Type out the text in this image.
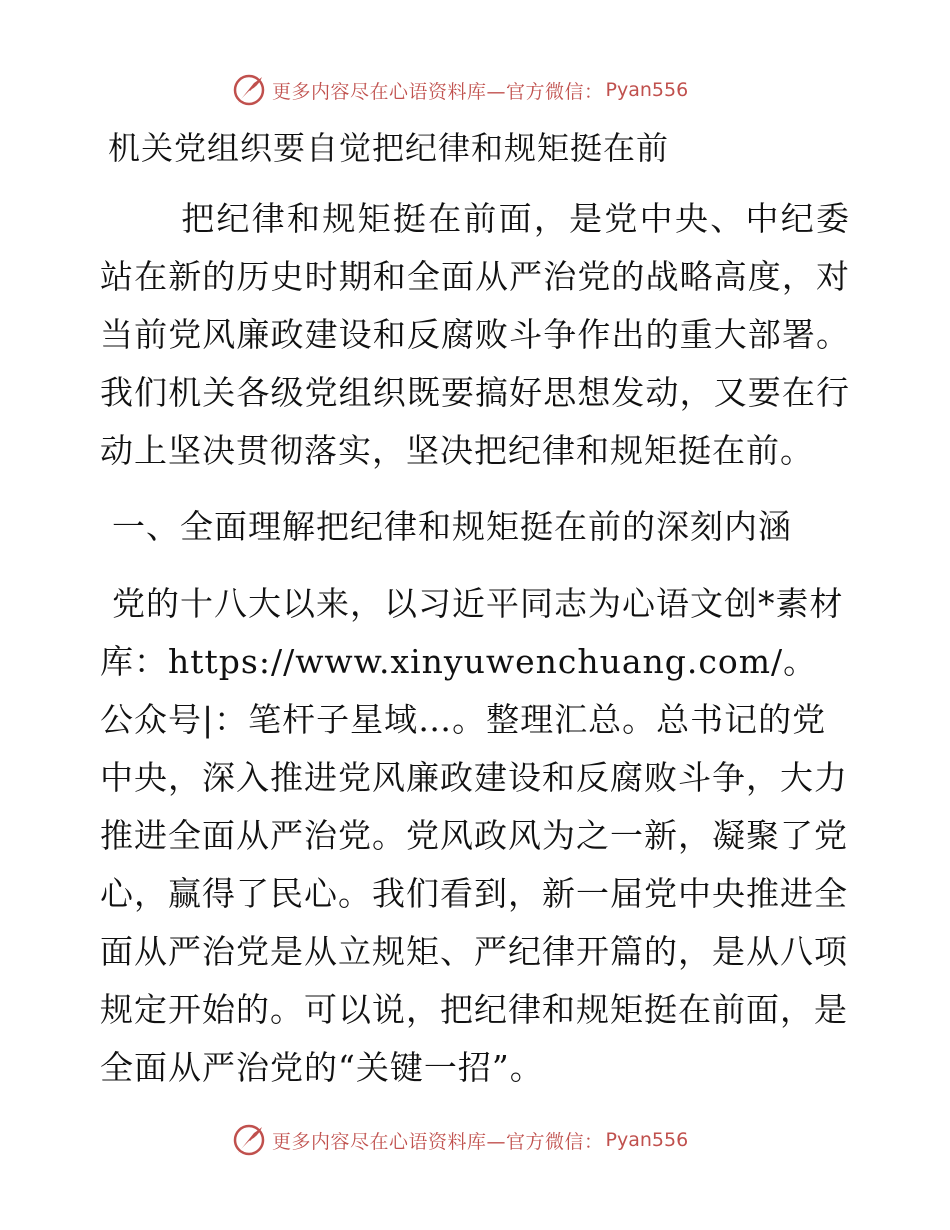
更多内容尽在心语资料库—官方微信： Pyan556
机关党组织要自觉把纪律和规矩挺在前

把纪律和规矩挺在前面，是党中央、中纪委站在新的历史时期和全面从严治党的战略高度，对当前党风廉政建设和反腐败斗争作出的重大部署。我们机关各级党组织既要搞好思想发动，又要在行动上坚决贯彻落实，坚决把纪律和规矩挺在前。

一、全面理解把纪律和规矩挺在前的深刻内涵

党的十八大以来，以习近平同志为心语文创*素材库：https://www.xinyuwenchuang.com/。公众号|：笔杆子星域…。整理汇总。总书记的党中央，深入推进党风廉政建设和反腐败斗争，大力推进全面从严治党。党风政风为之一新，凝聚了党心，赢得了民心。我们看到，新一届党中央推进全面从严治党是从立规矩、严纪律开篇的，是从八项规定开始的。可以说，把纪律和规矩挺在前面，是全面从严治党的“关键一招”。

更多内容尽在心语资料库—官方微信： Pyan556
